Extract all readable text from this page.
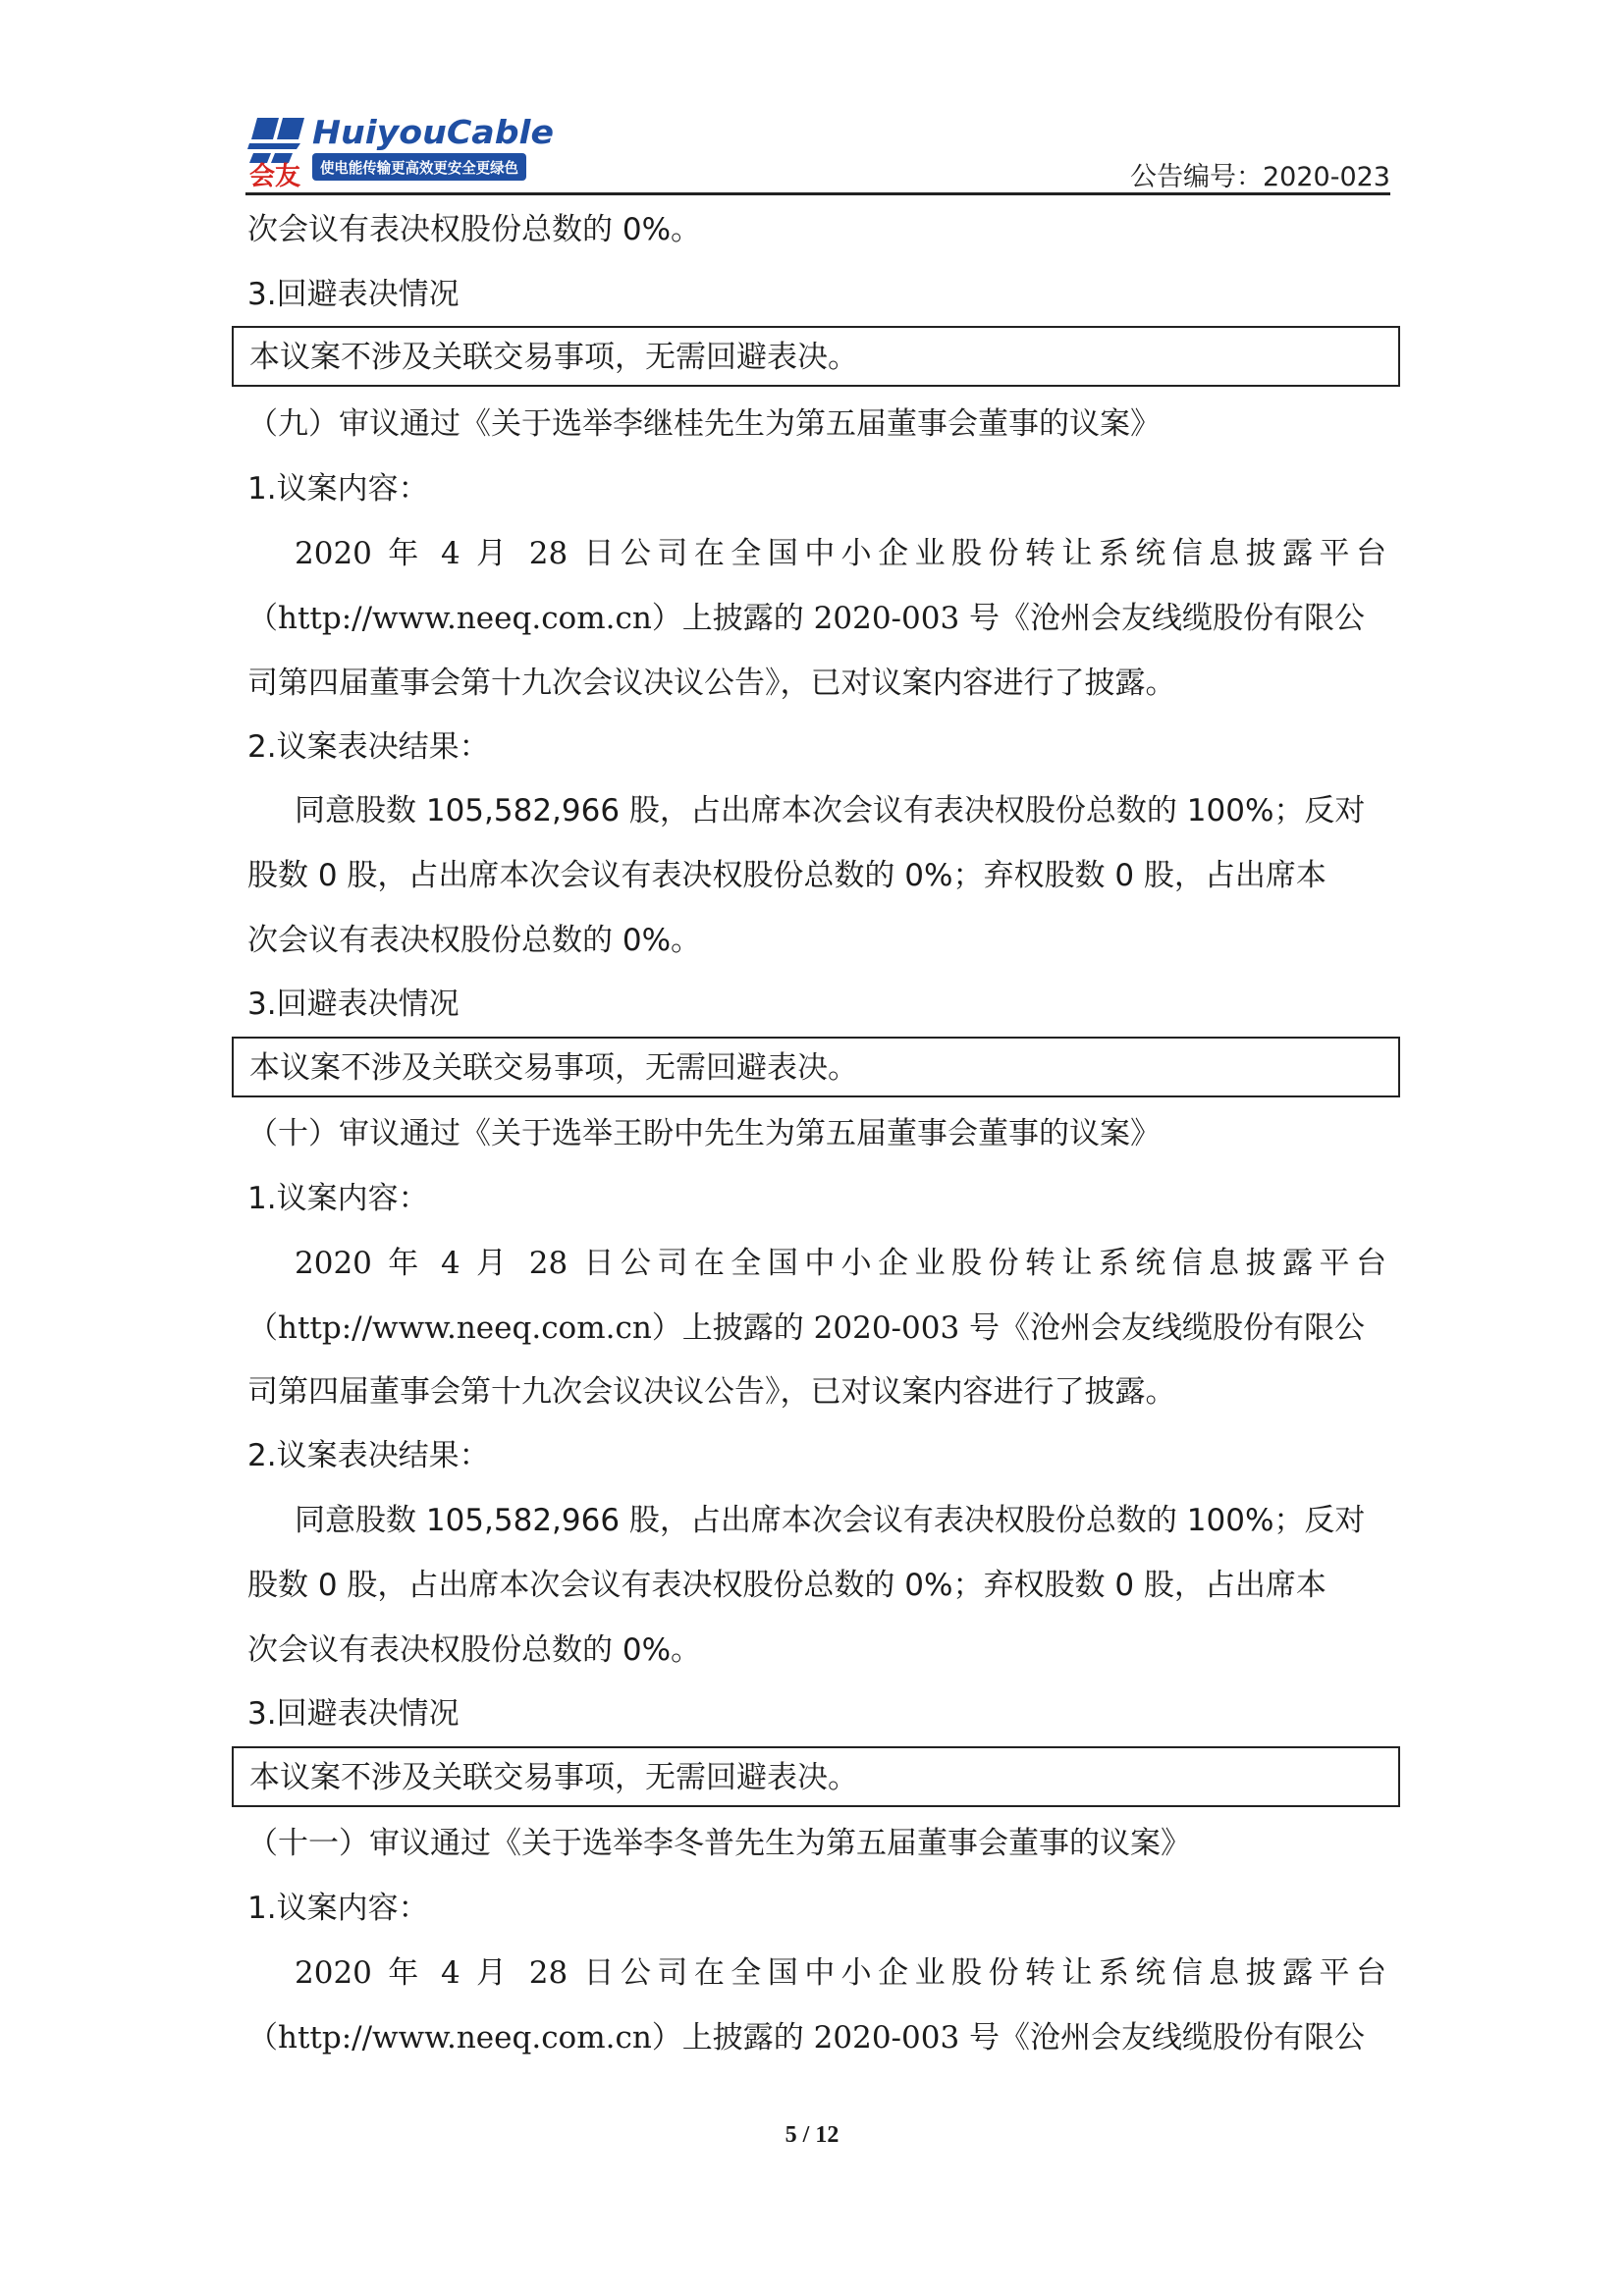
会友
HuiyouCable
使电能传输更高效更安全更绿色	公告编号：2020-023
次会议有表决权股份总数的 0%。
3.回避表决情况
本议案不涉及关联交易事项，无需回避表决。
（九）审议通过《关于选举李继桂先生为第五届董事会董事的议案》
1.议案内容：
2020 年 4 月 28 日公司在全国中小企业股份转让系统信息披露平台
（http://www.neeq.com.cn）上披露的 2020-003 号《沧州会友线缆股份有限公
司第四届董事会第十九次会议决议公告》，已对议案内容进行了披露。
2.议案表决结果：
同意股数 105,582,966 股，占出席本次会议有表决权股份总数的 100%；反对
股数 0 股，占出席本次会议有表决权股份总数的 0%；弃权股数 0 股，占出席本
次会议有表决权股份总数的 0%。
3.回避表决情况
本议案不涉及关联交易事项，无需回避表决。
（十）审议通过《关于选举王盼中先生为第五届董事会董事的议案》
1.议案内容：
2020 年 4 月 28 日公司在全国中小企业股份转让系统信息披露平台
（http://www.neeq.com.cn）上披露的 2020-003 号《沧州会友线缆股份有限公
司第四届董事会第十九次会议决议公告》，已对议案内容进行了披露。
2.议案表决结果：
同意股数 105,582,966 股，占出席本次会议有表决权股份总数的 100%；反对
股数 0 股，占出席本次会议有表决权股份总数的 0%；弃权股数 0 股，占出席本
次会议有表决权股份总数的 0%。
3.回避表决情况
本议案不涉及关联交易事项，无需回避表决。
（十一）审议通过《关于选举李冬普先生为第五届董事会董事的议案》
1.议案内容：
2020 年 4 月 28 日公司在全国中小企业股份转让系统信息披露平台
（http://www.neeq.com.cn）上披露的 2020-003 号《沧州会友线缆股份有限公
5 / 12
